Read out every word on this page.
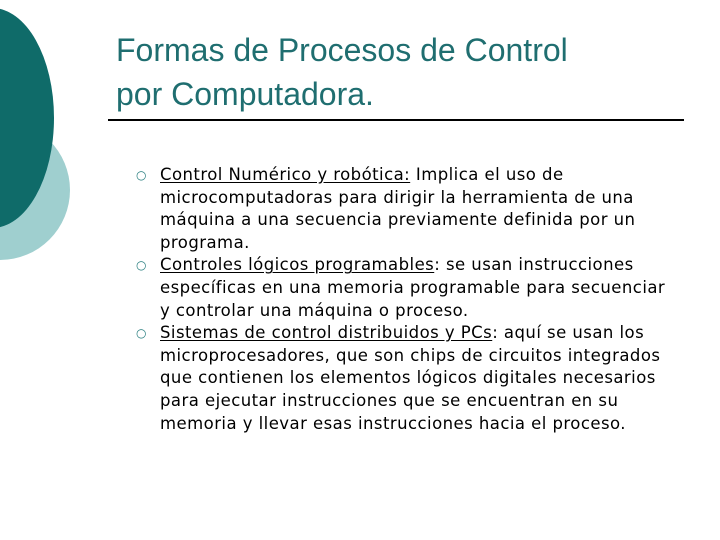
Formas de Procesos de Control
por Computadora.
○ Control Numérico y robótica: Implica el uso de microcomputadoras para dirigir la herramienta de una máquina a una secuencia previamente definida por un programa.
○ Controles lógicos programables: se usan instrucciones específicas en una memoria programable para secuenciar y controlar una máquina o proceso.
○ Sistemas de control distribuidos y PCs: aquí se usan los microprocesadores, que son chips de circuitos integrados que contienen los elementos lógicos digitales necesarios para ejecutar instrucciones que se encuentran en su memoria y llevar esas instrucciones hacia el proceso.
